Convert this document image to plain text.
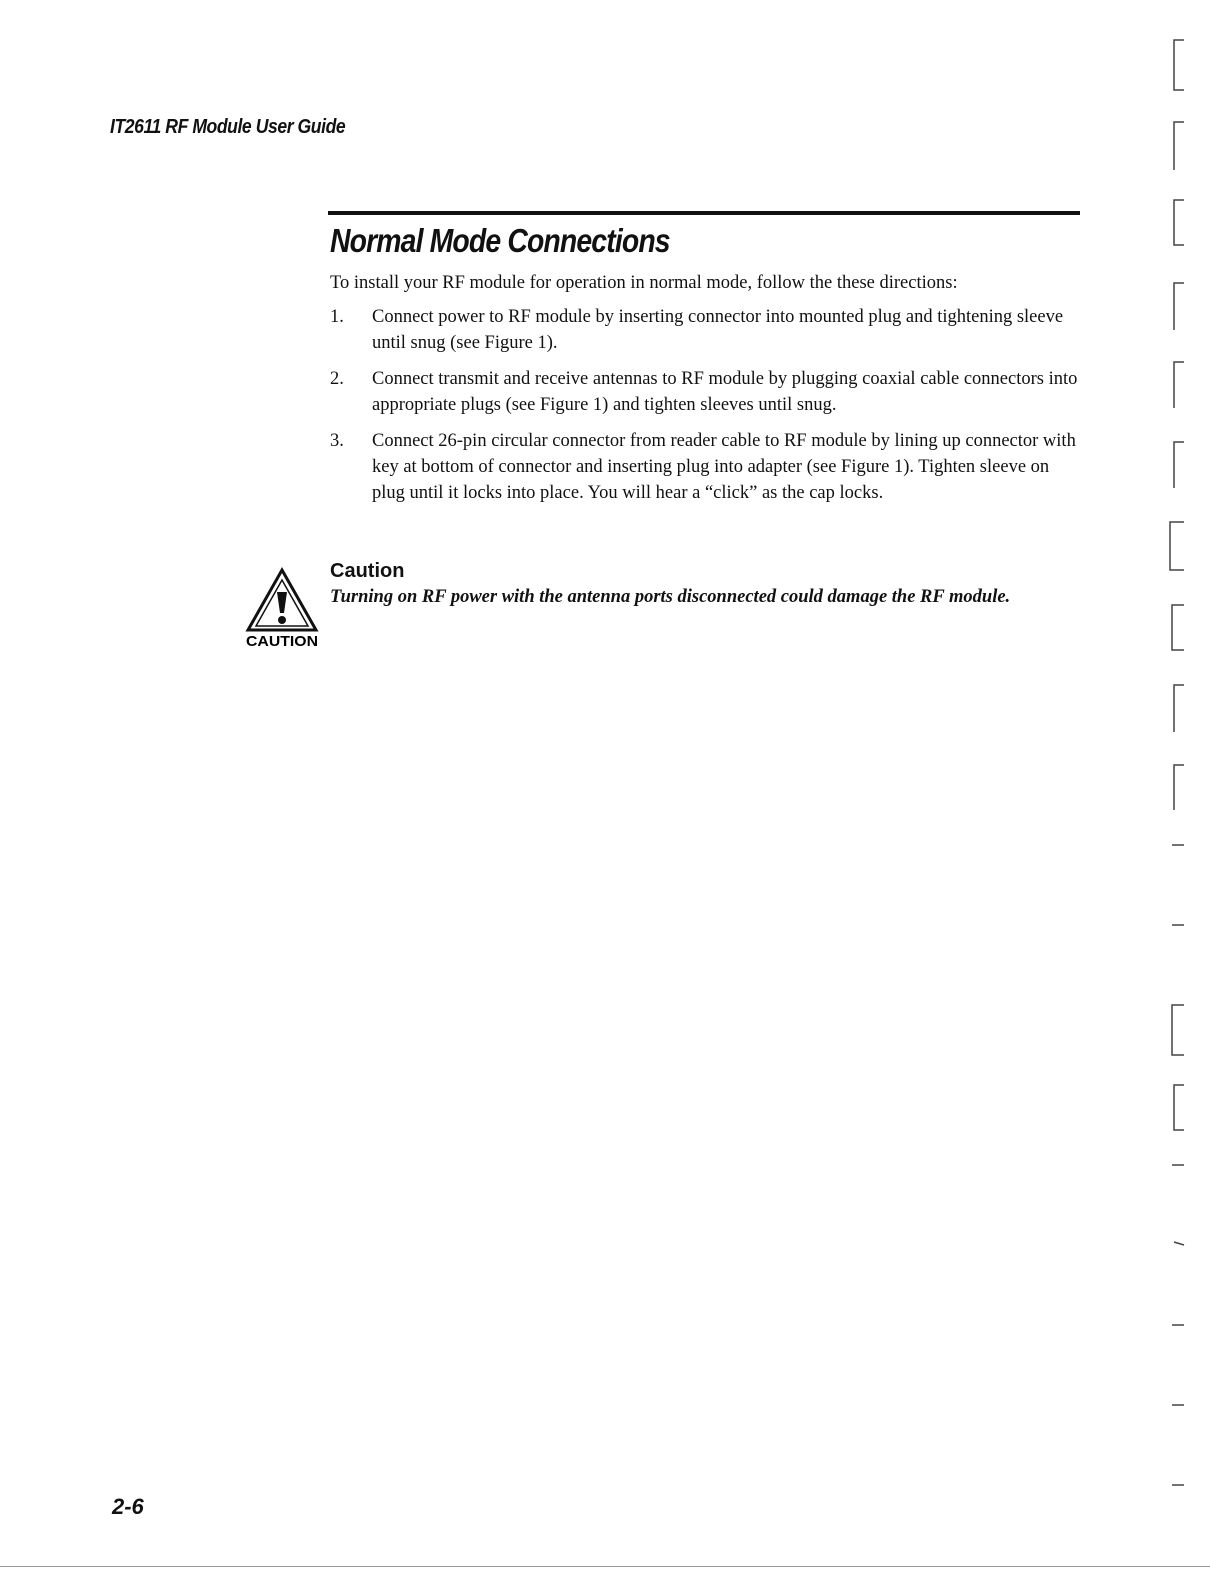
IT2611 RF Module User Guide
Normal Mode Connections
To install your RF module for operation in normal mode, follow the these directions:
1. Connect power to RF module by inserting connector into mounted plug and tightening sleeve until snug (see Figure 1).
2. Connect transmit and receive antennas to RF module by plugging coaxial cable connectors into appropriate plugs (see Figure 1) and tighten sleeves until snug.
3. Connect 26-pin circular connector from reader cable to RF module by lining up connector with key at bottom of connector and inserting plug into adapter (see Figure 1). Tighten sleeve on plug until it locks into place. You will hear a “click” as the cap locks.
CAUTION
Caution
Turning on RF power with the antenna ports disconnected could damage the RF module.
2-6
